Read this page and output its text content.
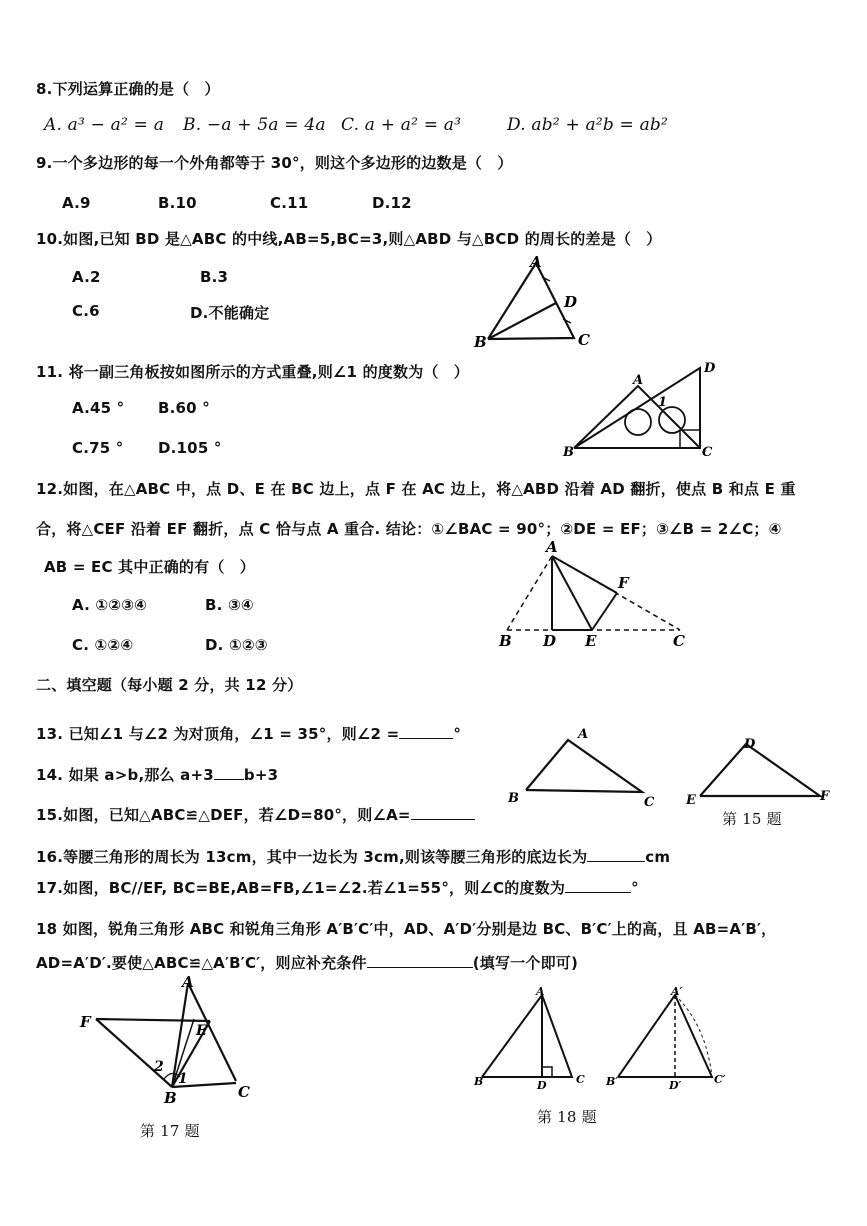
8.下列运算正确的是（　）
A. a³ − a² = a B. −a + 5a = 4a C. a + a² = a³	D. ab² + a²b = ab²
9.一个多边形的每一个外角都等于 30°，则这个多边形的边数是（　）
A.9	B.10	C.11	D.12
10.如图,已知 BD 是△ABC 的中线,AB=5,BC=3,则△ABD 与△BCD 的周长的差是（　）
A.2	B.3
C.6	D.不能确定
A
B	C
D
11. 将一副三角板按如图所示的方式重叠,则∠1 的度数为（　）
A.45 ° B.60 °
C.75 ° D.105 °
A
B	C
D
1
12.如图，在△ABC 中，点 D、E 在 BC 边上，点 F 在 AC 边上，将△ABD 沿着 AD 翻折，使点 B 和点 E 重
合，将△CEF 沿着 EF 翻折，点 C 恰与点 A 重合. 结论：①∠BAC = 90°；②DE = EF；③∠B = 2∠C；④
AB = EC 其中正确的有（　）
A. ①②③④	B. ③④
C. ①②④	D. ①②③
A
B	C
D E
F
二、填空题（每小题 2 分，共 12 分）
13. 已知∠1 与∠2 为对顶角，∠1 = 35°，则∠2 =	°
14. 如果 a>b,那么 a+3 b+3
15.如图，已知△ABC≌△DEF，若∠D=80°，则∠A=
A
B	C
D
E	F
第 15 题
16.等腰三角形的周长为 13cm，其中一边长为 3cm,则该等腰三角形的底边长为	cm
17.如图，BC//EF, BC=BE,AB=FB,∠1=∠2.若∠1=55°，则∠C的度数为	°
18 如图，锐角三角形 ABC 和锐角三角形 A′B′C′中，AD、A′D′分别是边 BC、B′C′上的高，且 AB=A′B′，
AD=A′D′.要使△ABC≌△A′B′C′，则应补充条件	(填写一个即可)
A
B	C
E
F
1
2
第 17 题
A
B	C
D
A′
B′	C′
D′
第 18 题
